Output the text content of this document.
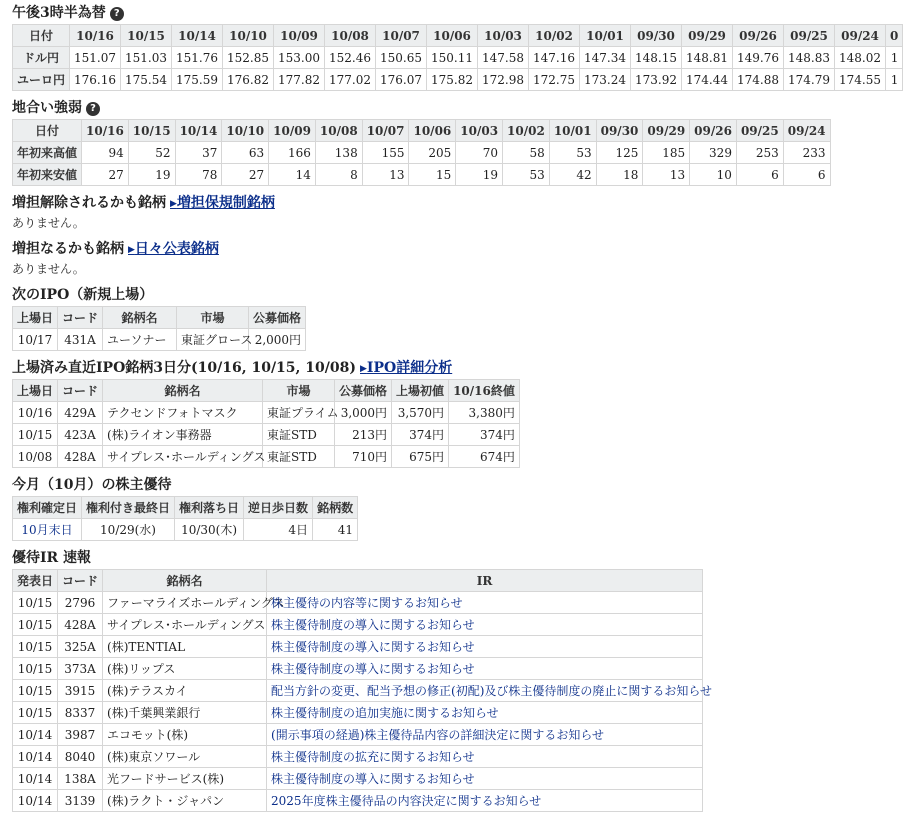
午後3時半為替 ?
日付	10/16	10/15	10/14	10/10	10/09	10/08	10/07	10/06	10/03	10/02	10/01	09/30	09/29	09/26	09/25	09/24	0
ドル円	151.07	151.03	151.76	152.85	153.00	152.46	150.65	150.11	147.58	147.16	147.34	148.15	148.81	149.76	148.83	148.02	1
ユーロ円	176.16	175.54	175.59	176.82	177.82	177.02	176.07	175.82	172.98	172.75	173.24	173.92	174.44	174.88	174.79	174.55	1
地合い強弱 ?
日付	10/16	10/15	10/14	10/10	10/09	10/08	10/07	10/06	10/03	10/02	10/01	09/30	09/29	09/26	09/25	09/24
年初来高値	94	52	37	63	166	138	155	205	70	58	53	125	185	329	253	233
年初来安値	27	19	78	27	14	8	13	15	19	53	42	18	13	10	6	6
増担解除されるかも銘柄 ▶増担保規制銘柄
ありません。
増担なるかも銘柄 ▶日々公表銘柄
ありません。
次のIPO（新規上場）
上場日	コード	銘柄名	市場	公募価格
10/17	431A	ユーソナー	東証グロース	2,000円
上場済み直近IPO銘柄3日分(10/16, 10/15, 10/08) ▶IPO詳細分析
上場日	コード	銘柄名	市場	公募価格	上場初値	10/16終値
10/16	429A	テクセンドフォトマスク	東証プライム	3,000円	3,570円	3,380円
10/15	423A	(株)ライオン事務器	東証STD	213円	374円	374円
10/08	428A	サイプレス･ホールディングス	東証STD	710円	675円	674円
今月（10月）の株主優待
権利確定日	権利付き最終日	権利落ち日	逆日歩日数	銘柄数
10月末日	10/29(水)	10/30(木)	4日	41
優待IR 速報
発表日	コード	銘柄名	IR
10/15	2796	ファーマライズホールディングス	株主優待の内容等に関するお知らせ
10/15	428A	サイプレス･ホールディングス	株主優待制度の導入に関するお知らせ
10/15	325A	(株)TENTIAL	株主優待制度の導入に関するお知らせ
10/15	373A	(株)リップス	株主優待制度の導入に関するお知らせ
10/15	3915	(株)テラスカイ	配当方針の変更、配当予想の修正(初配)及び株主優待制度の廃止に関するお知らせ
10/15	8337	(株)千葉興業銀行	株主優待制度の追加実施に関するお知らせ
10/14	3987	エコモット(株)	(開示事項の経過)株主優待品内容の詳細決定に関するお知らせ
10/14	8040	(株)東京ソワール	株主優待制度の拡充に関するお知らせ
10/14	138A	光フードサービス(株)	株主優待制度の導入に関するお知らせ
10/14	3139	(株)ラクト・ジャパン	2025年度株主優待品の内容決定に関するお知らせ
